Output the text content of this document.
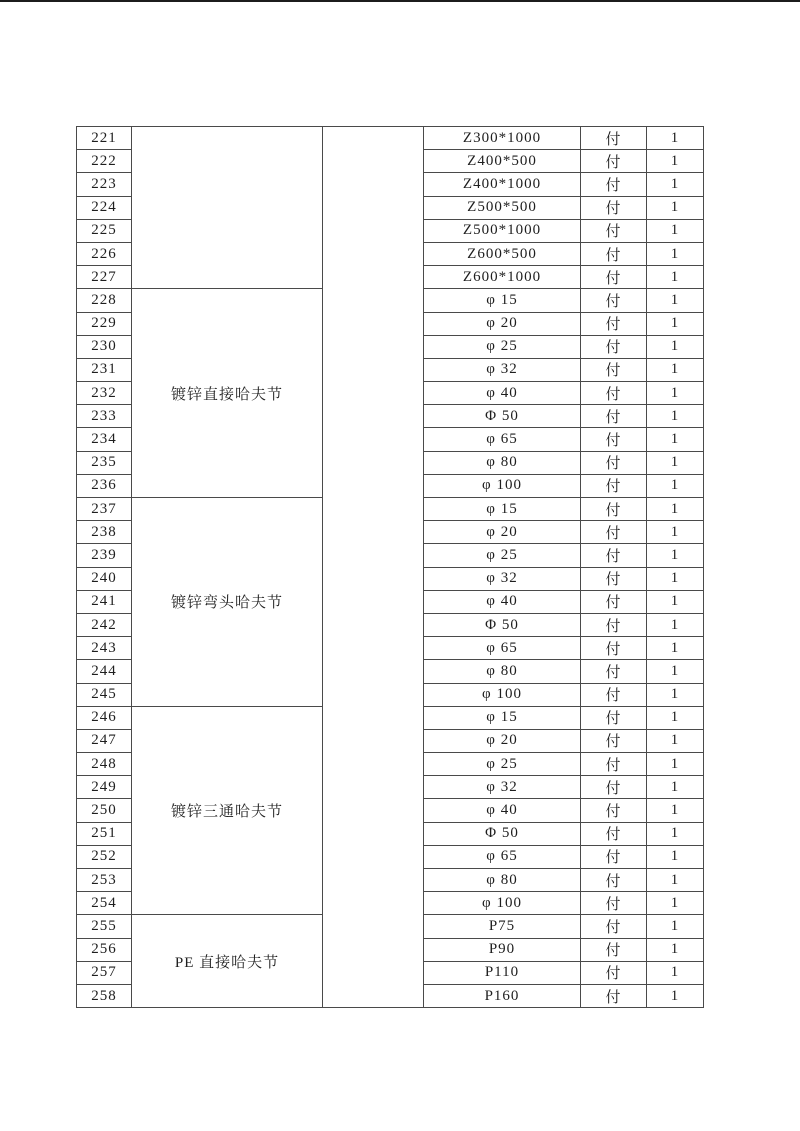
221			Z300*1000	付	1
222			Z400*500	付	1
223			Z400*1000	付	1
224			Z500*500	付	1
225			Z500*1000	付	1
226			Z600*500	付	1
227			Z600*1000	付	1
228	镀锌直接哈夫节		φ 15	付	1
229			φ 20	付	1
230			φ 25	付	1
231			φ 32	付	1
232			φ 40	付	1
233			Φ 50	付	1
234			φ 65	付	1
235			φ 80	付	1
236			φ 100	付	1
237	镀锌弯头哈夫节		φ 15	付	1
238			φ 20	付	1
239			φ 25	付	1
240			φ 32	付	1
241			φ 40	付	1
242			Φ 50	付	1
243			φ 65	付	1
244			φ 80	付	1
245			φ 100	付	1
246	镀锌三通哈夫节		φ 15	付	1
247			φ 20	付	1
248			φ 25	付	1
249			φ 32	付	1
250			φ 40	付	1
251			Φ 50	付	1
252			φ 65	付	1
253			φ 80	付	1
254			φ 100	付	1
255	PE 直接哈夫节		P75	付	1
256			P90	付	1
257			P110	付	1
258			P160	付	1
